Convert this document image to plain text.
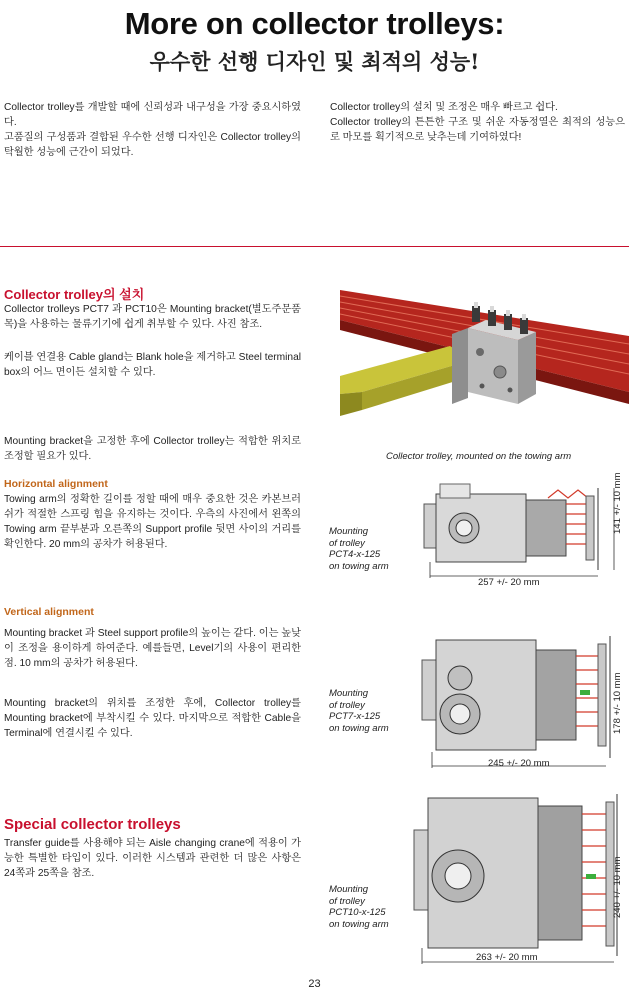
More on collector trolleys:
우수한 선행 디자인 및 최적의 성능!
Collector trolley를 개발할 때에 신뢰성과 내구성을 가장 중요시하였다.
고품질의 구성품과 결합된 우수한 선행 디자인은 Collector trolley의 탁월한 성능에 근간이 되었다.
Collector trolley의 설치 및 조정은 매우 빠르고 쉽다.
Collector trolley의 튼튼한 구조 및 쉬운 자동정열은 최적의 성능으로 마모를 획기적으로 낮추는데 기여하였다!
Collector trolley의 설치
Collector trolleys PCT7 과 PCT10은 Mounting bracket(별도주문품목)을 사용하는 물류기기에 쉽게 취부할 수 있다. 사진 참조.
케이블 연결용 Cable gland는 Blank hole을 제거하고 Steel terminal box의 어느 면이든 설치할 수 있다.
Mounting bracket을 고정한 후에 Collector trolley는 적합한 위치로 조정할 필요가 있다.	Collector trolley, mounted on the towing arm
Horizontal alignment
Towing arm의 정확한 길이를 정할 때에 매우 중요한 것은 카본브러쉬가 적절한 스프링 힘을 유지하는 것이다. 우측의 사진에서 왼쪽의 Towing arm 끝부분과 오른쪽의 Support profile 뒷면 사이의 거리를 확인한다. 20 mm의 공차가 허용된다.
Vertical alignment
Mounting bracket 과 Steel support profile의 높이는 같다. 이는 높낮이 조정을 용이하게 하여준다. 예를들면, Level기의 사용이 편리한 점. 10 mm의 공차가 허용된다.
Mounting bracket의 위치를 조정한 후에, Collector trolley를 Mounting bracket에 부착시킬 수 있다. 마지막으로 적합한 Cable을 Terminal에 연결시킬 수 있다.
Special collector trolleys
Transfer guide를 사용해야 되는 Aisle changing crane에 적용이 가능한 특별한 타입이 있다. 이러한 시스템과 관련한 더 많은 사항은 24쪽과 25쪽을 참조.
Mounting
of trolley
PCT4-x-125
on towing arm
257 +/- 20 mm
141 +/- 10 mm
Mounting
of trolley
PCT7-x-125
on towing arm
245 +/- 20 mm
178 +/- 10 mm
Mounting
of trolley
PCT10-x-125
on towing arm
263 +/- 20 mm
240 +/- 10 mm
23
